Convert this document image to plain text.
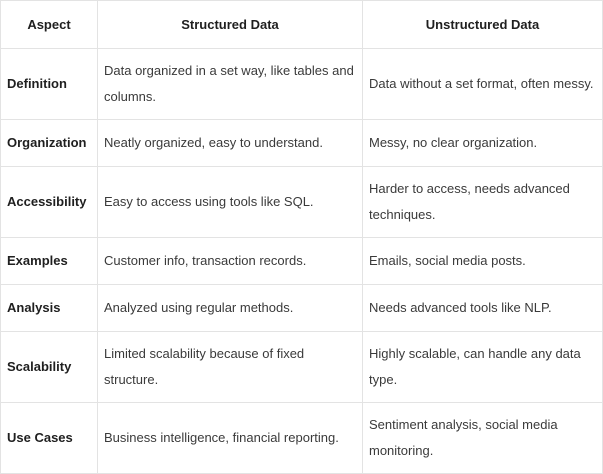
Aspect	Structured Data	Unstructured Data
Definition	Data organized in a set way, like tables and columns.	Data without a set format, often messy.
Organization	Neatly organized, easy to understand.	Messy, no clear organization.
Accessibility	Easy to access using tools like SQL.	Harder to access, needs advanced techniques.
Examples	Customer info, transaction records.	Emails, social media posts.
Analysis	Analyzed using regular methods.	Needs advanced tools like NLP.
Scalability	Limited scalability because of fixed structure.	Highly scalable, can handle any data type.
Use Cases	Business intelligence, financial reporting.	Sentiment analysis, social media monitoring.
